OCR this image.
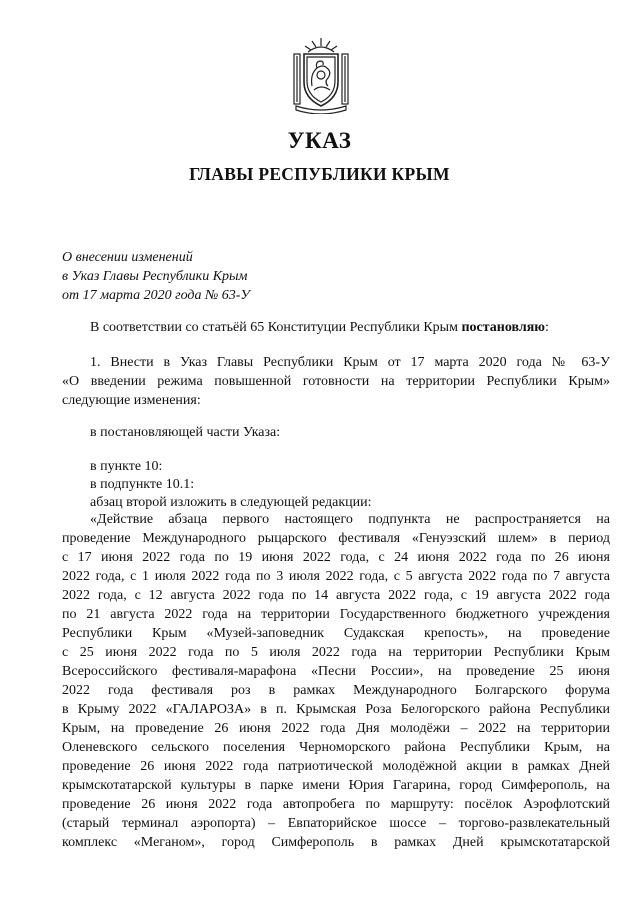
УКАЗ
ГЛАВЫ РЕСПУБЛИКИ КРЫМ
О внесении изменений
в Указ Главы Республики Крым
от 17 марта 2020 года № 63-У
В соответствии со статьёй 65 Конституции Республики Крым постановляю:
1. Внести в Указ Главы Республики Крым от 17 марта 2020 года № 63-У
«О введении режима повышенной готовности на территории Республики Крым»
следующие изменения:
в постановляющей части Указа:
в пункте 10:
в подпункте 10.1:
абзац второй изложить в следующей редакции:
«Действие абзаца первого настоящего подпункта не распространяется на
проведение Международного рыцарского фестиваля «Генуэзский шлем» в период
с 17 июня 2022 года по 19 июня 2022 года, с 24 июня 2022 года по 26 июня
2022 года, с 1 июля 2022 года по 3 июля 2022 года, с 5 августа 2022 года по 7 августа
2022 года, с 12 августа 2022 года по 14 августа 2022 года, с 19 августа 2022 года
по 21 августа 2022 года на территории Государственного бюджетного учреждения
Республики Крым «Музей-заповедник Судакская крепость», на проведение
с 25 июня 2022 года по 5 июля 2022 года на территории Республики Крым
Всероссийского фестиваля-марафона «Песни России», на проведение 25 июня
2022 года фестиваля роз в рамках Международного Болгарского форума
в Крыму 2022 «ГАЛАРОЗА» в п. Крымская Роза Белогорского района Республики
Крым, на проведение 26 июня 2022 года Дня молодёжи – 2022 на территории
Оленевского сельского поселения Черноморского района Республики Крым, на
проведение 26 июня 2022 года патриотической молодёжной акции в рамках Дней
крымскотатарской культуры в парке имени Юрия Гагарина, город Симферополь, на
проведение 26 июня 2022 года автопробега по маршруту: посёлок Аэрофлотский
(старый терминал аэропорта) – Евпаторийское шоссе – торгово-развлекательный
комплекс «Меганом», город Симферополь в рамках Дней крымскотатарской
